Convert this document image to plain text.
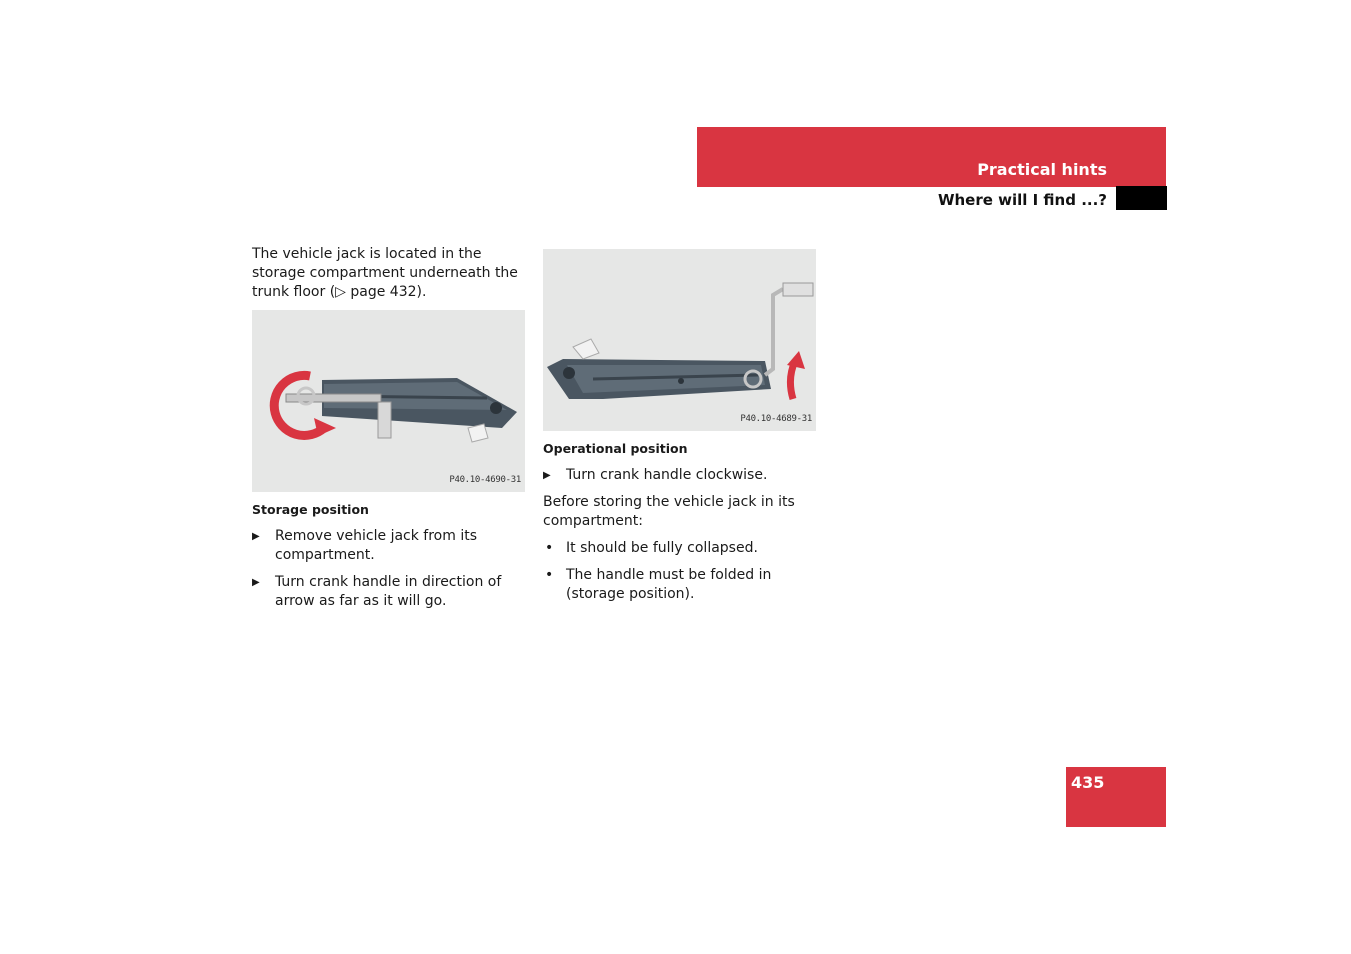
Practical hints
Where will I find ...?

The vehicle jack is located in the storage compartment underneath the trunk floor (▷ page 432).

P40.10-4690-31
Storage position
▶ Remove vehicle jack from its compartment.
▶ Turn crank handle in direction of arrow as far as it will go.
P40.10-4689-31
Operational position
▶ Turn crank handle clockwise.

Before storing the vehicle jack in its compartment:

• It should be fully collapsed.
• The handle must be folded in (storage position).
435
